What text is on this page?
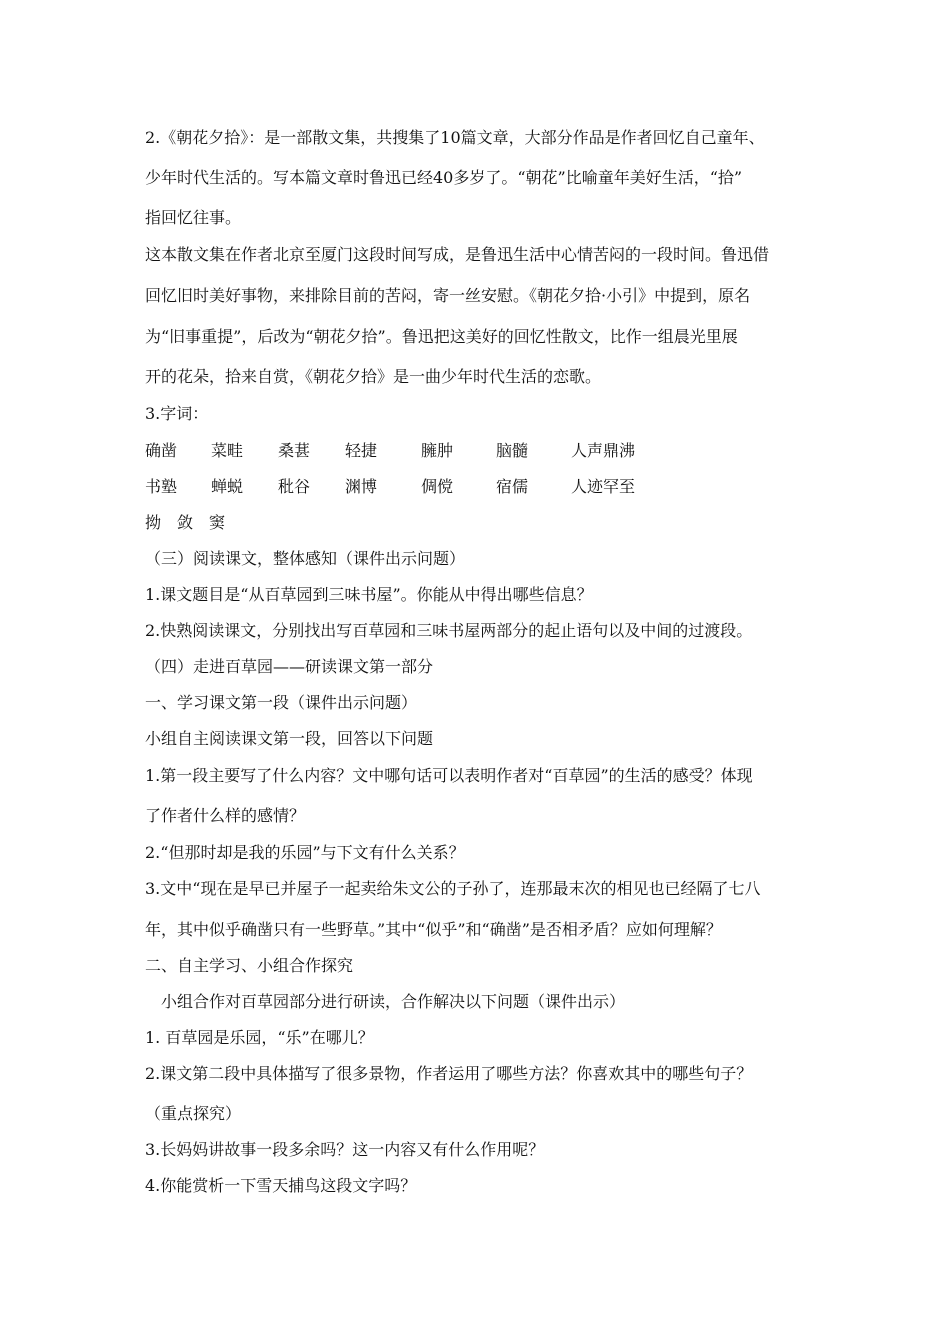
2.《朝花夕拾》：是一部散文集，共搜集了10篇文章，大部分作品是作者回忆自己童年、
少年时代生活的。写本篇文章时鲁迅已经40多岁了。“朝花”比喻童年美好生活，“拾”
指回忆往事。
这本散文集在作者北京至厦门这段时间写成，是鲁迅生活中心情苦闷的一段时间。鲁迅借
回忆旧时美好事物，来排除目前的苦闷，寄一丝安慰。《朝花夕拾·小引》中提到，原名
为“旧事重提”，后改为“朝花夕拾”。鲁迅把这美好的回忆性散文，比作一组晨光里展
开的花朵，拾来自赏，《朝花夕拾》是一曲少年时代生活的恋歌。
3.字词：
确凿 菜畦 桑葚 轻捷	臃肿	脑髓	人声鼎沸
书塾 蝉蜕 秕谷 渊博	倜傥	宿儒	人迹罕至
拗　敛　窦
（三）阅读课文，整体感知（课件出示问题）
1.课文题目是“从百草园到三味书屋”。你能从中得出哪些信息？
2.快熟阅读课文，分别找出写百草园和三味书屋两部分的起止语句以及中间的过渡段。
（四）走进百草园——研读课文第一部分
一、学习课文第一段（课件出示问题）
小组自主阅读课文第一段，回答以下问题
1.第一段主要写了什么内容？文中哪句话可以表明作者对“百草园”的生活的感受？体现
了作者什么样的感情？
2.“但那时却是我的乐园”与下文有什么关系？
3.文中“现在是早已并屋子一起卖给朱文公的子孙了，连那最末次的相见也已经隔了七八
年，其中似乎确凿只有一些野草。”其中“似乎”和“确凿”是否相矛盾？应如何理解？
二、自主学习、小组合作探究
　小组合作对百草园部分进行研读，合作解决以下问题（课件出示）
1. 百草园是乐园，“乐”在哪儿？
2.课文第二段中具体描写了很多景物，作者运用了哪些方法？你喜欢其中的哪些句子？
（重点探究）
3.长妈妈讲故事一段多余吗？这一内容又有什么作用呢？
4.你能赏析一下雪天捕鸟这段文字吗？
